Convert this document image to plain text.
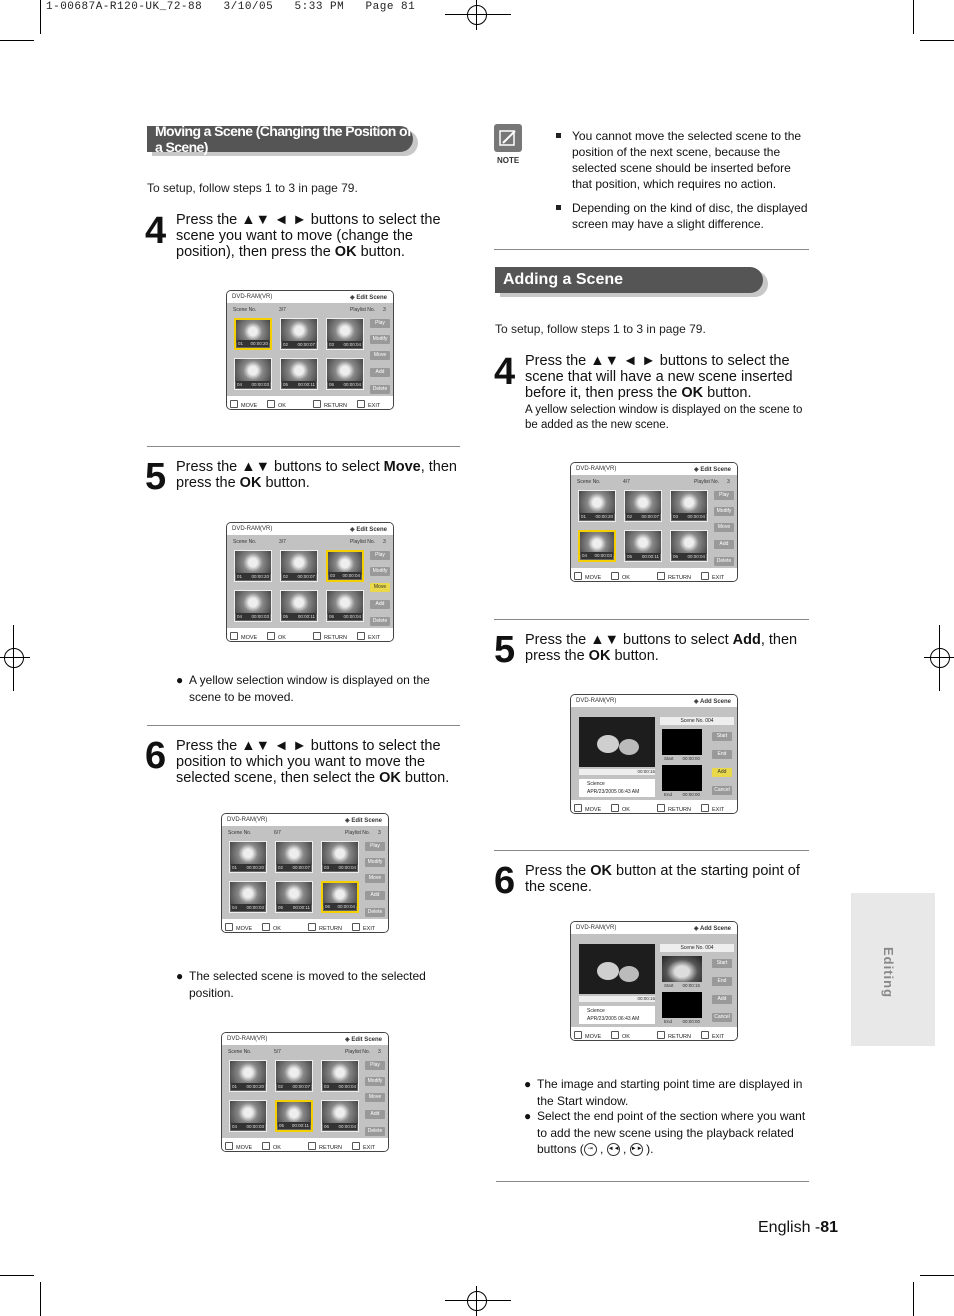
1-00687A-R120-UK_72-88   3/10/05   5:33 PM   Page 81
Moving a Scene (Changing the Position of a Scene)
To setup, follow steps 1 to 3 in page 79.
4 Press the ▲▼ ◄ ► buttons to select the scene you want to move (change the position), then press the OK button.
DVD-RAM(VR)	◈ Edit Scene
Scene No.	3/7	Playlist No. 3
01 00:00:20	02 00:00:07	03 00:00:04
04 00:00:03	05 00:00:11	06 00:00:04
Play
Modify
Move
Add
Delete
MOVE	OK	RETURN	EXIT
5 Press the ▲▼ buttons to select Move, then press the OK button.
DVD-RAM(VR)	◈ Edit Scene
Scene No.	3/7	Playlist No. 3
01 00:00:20	02 00:00:07	03 00:00:04
04 00:00:03	05 00:00:11	06 00:00:04
Play
Modify
Move
Add
Delete
MOVE	OK	RETURN	EXIT
● A yellow selection window is displayed on the scene to be moved.
6 Press the ▲▼ ◄ ► buttons to select the position to which you want to move the selected scene, then select the OK button.
DVD-RAM(VR)	◈ Edit Scene
Scene No.	6/7	Playlist No. 3
01 00:00:20	02 00:00:07	03 00:00:04
04 00:00:03	05 00:00:11	06 00:00:04
Play
Modify
Move
Add
Delete
MOVE	OK	RETURN	EXIT
● The selected scene is moved to the selected position.
DVD-RAM(VR)	◈ Edit Scene
Scene No.	5/7	Playlist No. 3
01 00:00:20	02 00:00:07	03 00:00:04
04 00:00:03	05 00:00:11	06 00:00:04
Play
Modify
Move
Add
Delete
MOVE	OK	RETURN	EXIT
NOTE
You cannot move the selected scene to the position of the next scene, because the selected scene should be inserted before that position, which requires no action.
Depending on the kind of disc, the displayed screen may have a slight difference.
Adding a Scene
To setup, follow steps 1 to 3 in page 79.
4 Press the ▲▼ ◄ ► buttons to select the scene that will have a new scene inserted before it, then press the OK button.
A yellow selection window is displayed on the scene to be added as the new scene.
DVD-RAM(VR)	◈ Edit Scene
Scene No.	4/7	Playlist No. 3
01 00:00:20	02 00:00:07	03 00:00:04
04 00:00:03	05 00:00:11	06 00:00:04
Play
Modify
Move
Add
Delete
MOVE	OK	RETURN	EXIT
5 Press the ▲▼ buttons to select Add, then press the OK button.
DVD-RAM(VR)	◈ Add Scene
00:00:15
Science
APR/23/2005 06:43 AM
Scene No. 004
Start 00:00:00
End 00:00:00
Start
End
Add
Cancel
MOVE	OK	RETURN	EXIT
6 Press the OK button at the starting point of the scene.
DVD-RAM(VR)	◈ Add Scene
00:00:15
Science
APR/23/2005 06:43 AM
Scene No. 004
Start 00:00:15
End 00:00:00
Start
End
Add
Cancel
MOVE	OK	RETURN	EXIT
● The image and starting point time are displayed in the Start window.
● Select the end point of the section where you want to add the new scene using the playback related
buttons ( ⇥ , ◄◄ , ►► ).
Editing
English -81
